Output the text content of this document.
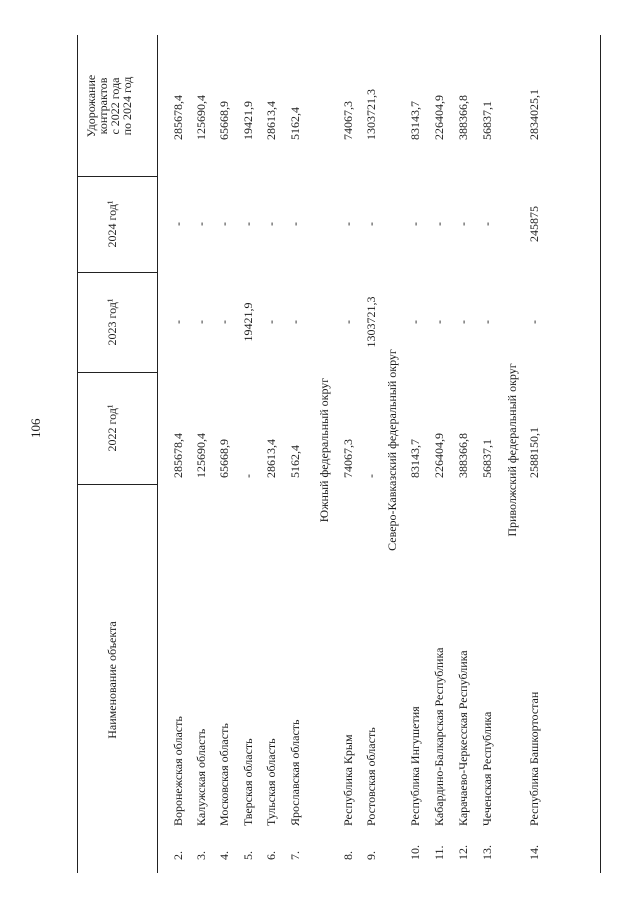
106
Наименование объекта
2022 год¹
2023 год¹
2024 год¹
Удорожание
контрактов
с 2022 года
по 2024 год
2.
Воронежская область
285678,4
-
-
285678,4
3.
Калужская область
125690,4
-
-
125690,4
4.
Московская область
65668,9
-
-
65668,9
5.
Тверская область
-
19421,9
-
19421,9
6.
Тульская область
28613,4
-
-
28613,4
7.
Ярославская область
5162,4
-
-
5162,4
Южный федеральный округ
8.
Республика Крым
74067,3
-
-
74067,3
9.
Ростовская область
-
1303721,3
-
1303721,3
Северо-Кавказский федеральный округ
10.
Республика Ингушетия
83143,7
-
-
83143,7
11.
Кабардино-Балкарская Республика
226404,9
-
-
226404,9
12.
Карачаево-Черкесская Республика
388366,8
-
-
388366,8
13.
Чеченская Республика
56837,1
-
-
56837,1
Приволжский федеральный округ
14.
Республика Башкортостан
2588150,1
-
245875
2834025,1
